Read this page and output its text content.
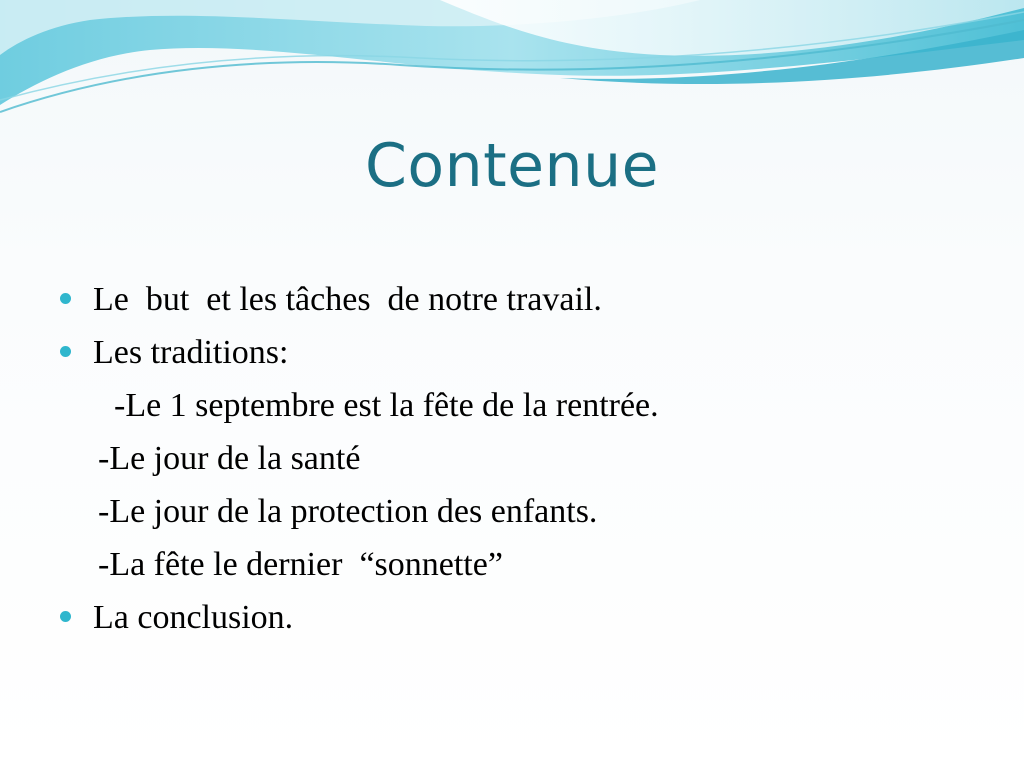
Contenue

Le  but  et les tâches  de notre travail.

Les traditions:

-Le 1 septembre est la fête de la rentrée.

-Le jour de la santé

-Le jour de la protection des enfants.

-La fête le dernier  “sonnette”

La conclusion.
